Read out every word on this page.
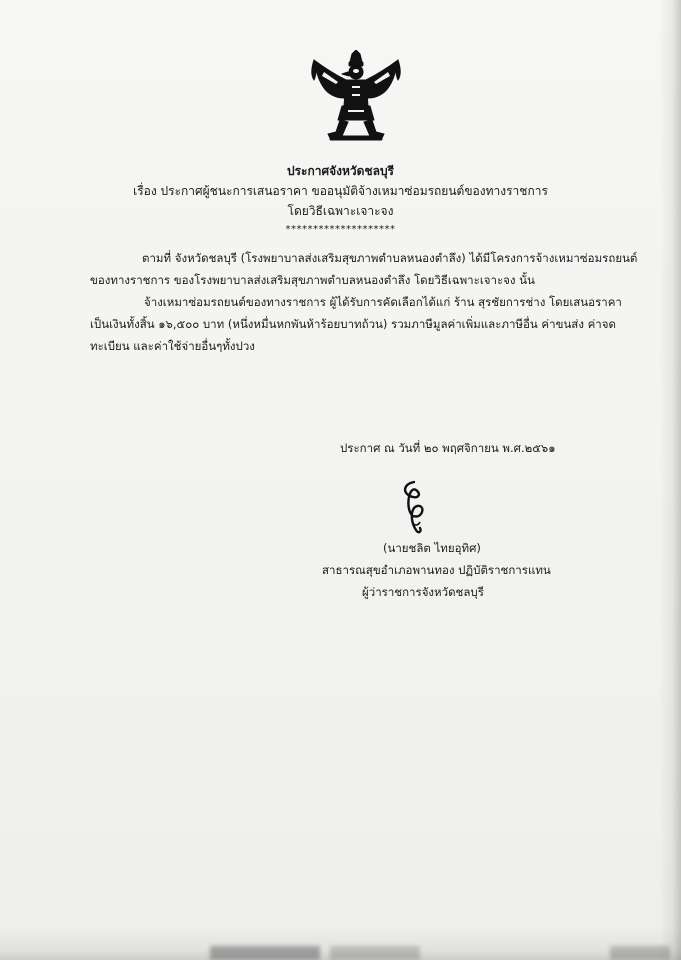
ประกาศจังหวัดชลบุรี
เรื่อง ประกาศผู้ชนะการเสนอราคา ขออนุมัติจ้างเหมาซ่อมรถยนต์ของทางราชการ
โดยวิธีเฉพาะเจาะจง
********************
ตามที่ จังหวัดชลบุรี (โรงพยาบาลส่งเสริมสุขภาพตำบลหนองตำลึง) ได้มีโครงการจ้างเหมาซ่อมรถยนต์
ของทางราชการ ของโรงพยาบาลส่งเสริมสุขภาพตำบลหนองตำลึง โดยวิธีเฉพาะเจาะจง นั้น
จ้างเหมาซ่อมรถยนต์ของทางราชการ ผู้ได้รับการคัดเลือกได้แก่ ร้าน สุรชัยการช่าง โดยเสนอราคา
เป็นเงินทั้งสิ้น ๑๖,๕๐๐ บาท (หนึ่งหมื่นหกพันห้าร้อยบาทถ้วน) รวมภาษีมูลค่าเพิ่มและภาษีอื่น ค่าขนส่ง ค่าจด
ทะเบียน และค่าใช้จ่ายอื่นๆทั้งปวง
ประกาศ ณ วันที่ ๒๐ พฤศจิกายน พ.ศ.๒๕๖๑
(นายชลิต ไทยอุทิศ)
สาธารณสุขอำเภอพานทอง ปฏิบัติราชการแทน
ผู้ว่าราชการจังหวัดชลบุรี
